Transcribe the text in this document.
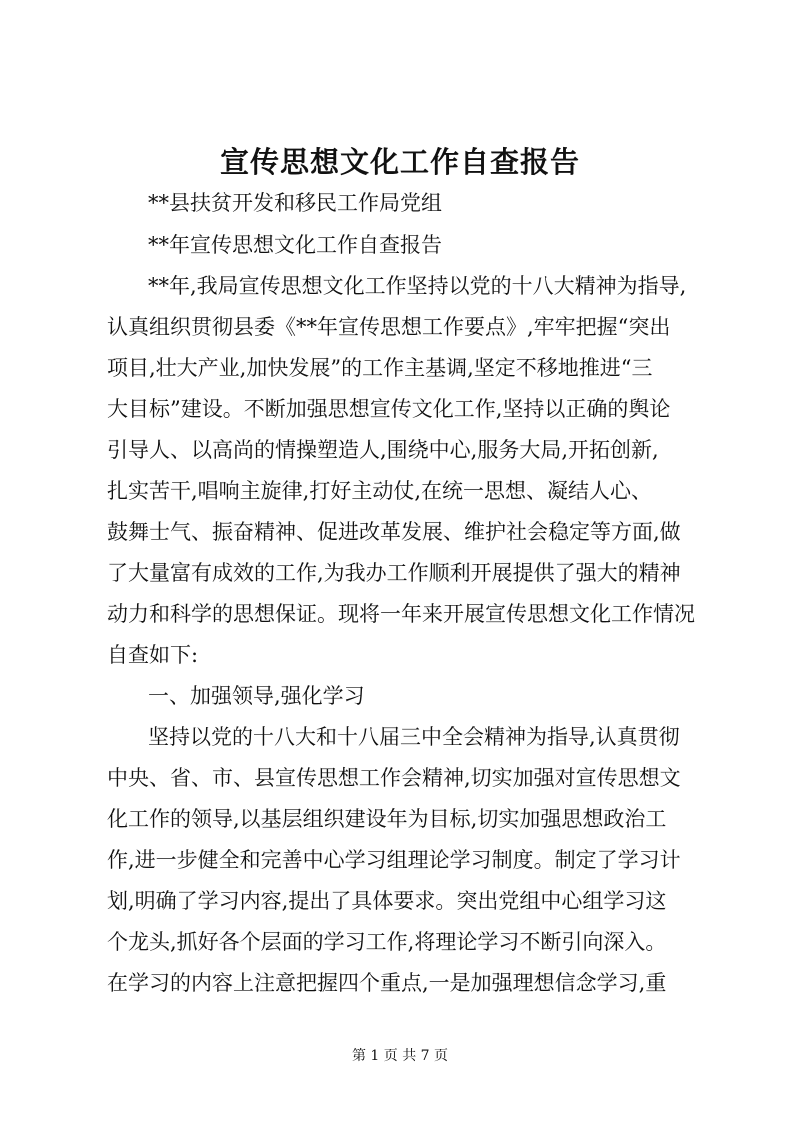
宣传思想文化工作自查报告

**县扶贫开发和移民工作局党组

**年宣传思想文化工作自查报告

**年,我局宣传思想文化工作坚持以党的十八大精神为指导,

认真组织贯彻县委《**年宣传思想工作要点》,牢牢把握“突出

项目,壮大产业,加快发展”的工作主基调,坚定不移地推进“三

大目标”建设。不断加强思想宣传文化工作,坚持以正确的舆论

引导人、以高尚的情操塑造人,围绕中心,服务大局,开拓创新,

扎实苦干,唱响主旋律,打好主动仗,在统一思想、凝结人心、

鼓舞士气、振奋精神、促进改革发展、维护社会稳定等方面,做

了大量富有成效的工作,为我办工作顺利开展提供了强大的精神

动力和科学的思想保证。现将一年来开展宣传思想文化工作情况

自查如下:

一、加强领导,强化学习

坚持以党的十八大和十八届三中全会精神为指导,认真贯彻

中央、省、市、县宣传思想工作会精神,切实加强对宣传思想文

化工作的领导,以基层组织建设年为目标,切实加强思想政治工

作,进一步健全和完善中心学习组理论学习制度。制定了学习计

划,明确了学习内容,提出了具体要求。突出党组中心组学习这

个龙头,抓好各个层面的学习工作,将理论学习不断引向深入。

在学习的内容上注意把握四个重点,一是加强理想信念学习,重

第 1 页 共 7 页
